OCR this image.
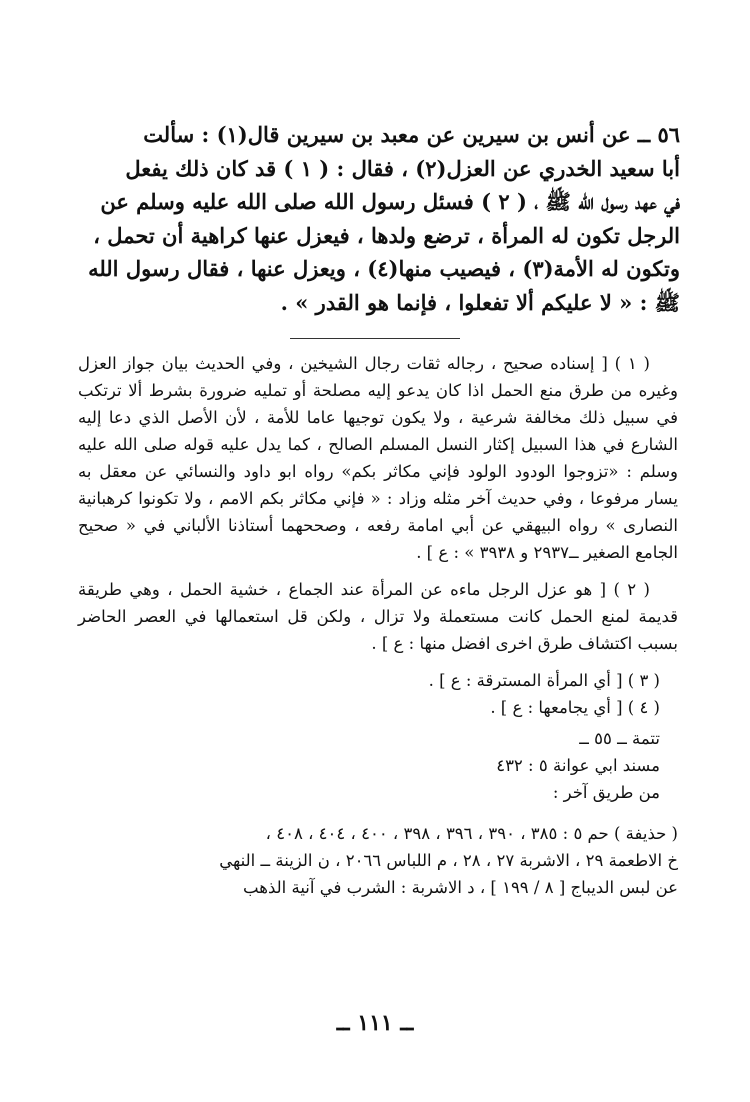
٥٦ ــ عن أنس بن سيرين عن معبد بن سيرين قال(١) : سألت

أبا سعيد الخدري عن العزل(٢) ، فقال : ( ١ ) قد كان ذلك يفعل

في عهد رسول الله ﷺ ، ( ٢ ) فسئل رسول الله صلى الله عليه وسلم عن

الرجل تكون له المرأة ، ترضع ولدها ، فيعزل عنها كراهية أن تحمل ،

وتكون له الأمة(٣) ، فيصيب منها(٤) ، ويعزل عنها ، فقال رسول الله

ﷺ : « لا عليكم ألا تفعلوا ، فإنما هو القدر » .

( ١ ) [ إسناده صحيح ، رجاله ثقات رجال الشيخين ، وفي الحديث بيان جواز العزل وغيره من طرق منع الحمل اذا كان يدعو إليه مصلحة أو تمليه ضرورة بشرط ألا ترتكب في سبيل ذلك مخالفة شرعية ، ولا يكون توجيها عاما للأمة ، لأن الأصل الذي دعا إليه الشارع في هذا السبيل إكثار النسل المسلم الصالح ، كما يدل عليه قوله صلى الله عليه وسلم : «تزوجوا الودود الولود فإني مكاثر بكم» رواه ابو داود والنسائي عن معقل به يسار مرفوعا ، وفي حديث آخر مثله وزاد : « فإني مكاثر بكم الامم ، ولا تكونوا كرهبانية النصارى » رواه البيهقي عن أبي امامة رفعه ، وصححهما أستاذنا الألباني في « صحيح الجامع الصغير ــ٢٩٣٧ و ٣٩٣٨ » : ع ] .

( ٢ ) [ هو عزل الرجل ماءه عن المرأة عند الجماع ، خشية الحمل ، وهي طريقة قديمة لمنع الحمل كانت مستعملة ولا تزال ، ولكن قل استعمالها في العصر الحاضر بسبب اكتشاف طرق اخرى افضل منها : ع ] .

( ٣ ) [ أي المرأة المسترقة : ع ] .

( ٤ ) [ أي يجامعها : ع ] .

تتمة ــ ٥٥ ــ

مسند ابي عوانة ٥ : ٤٣٢

من طريق آخر :

( حذيفة ) حم ٥ : ٣٨٥ ، ٣٩٠ ، ٣٩٦ ، ٣٩٨ ، ٤٠٠ ، ٤٠٤ ، ٤٠٨ ،

خ الاطعمة ٢٩ ، الاشربة ٢٧ ، ٢٨ ، م اللباس ٢٠٦٦ ، ن الزينة ــ النهي

عن لبس الديباج [ ٨ / ١٩٩ ] ، د الاشربة : الشرب في آنية الذهب

ــ ١١١ ــ
